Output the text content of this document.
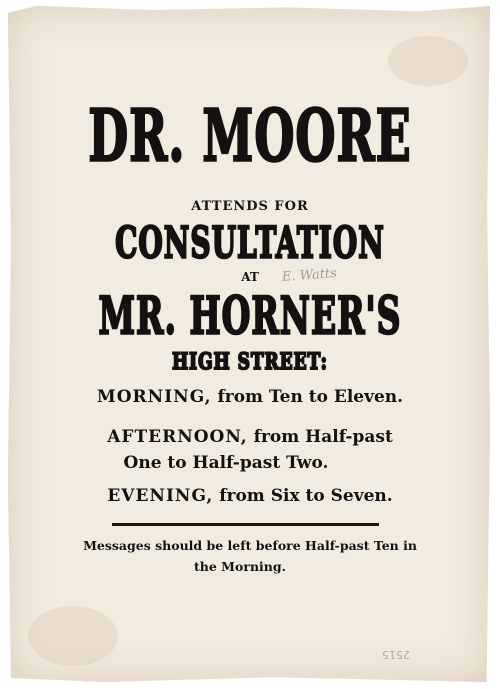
DR. MOORE
ATTENDS FOR
CONSULTATION
AT
MR. HORNER'S
HIGH STREET:
MORNING, from Ten to Eleven.
AFTERNOON, from Half-past
One to Half-past Two.
EVENING, from Six to Seven.
Messages should be left before Half-past Ten in
the Morning.
E. Watts
2515
